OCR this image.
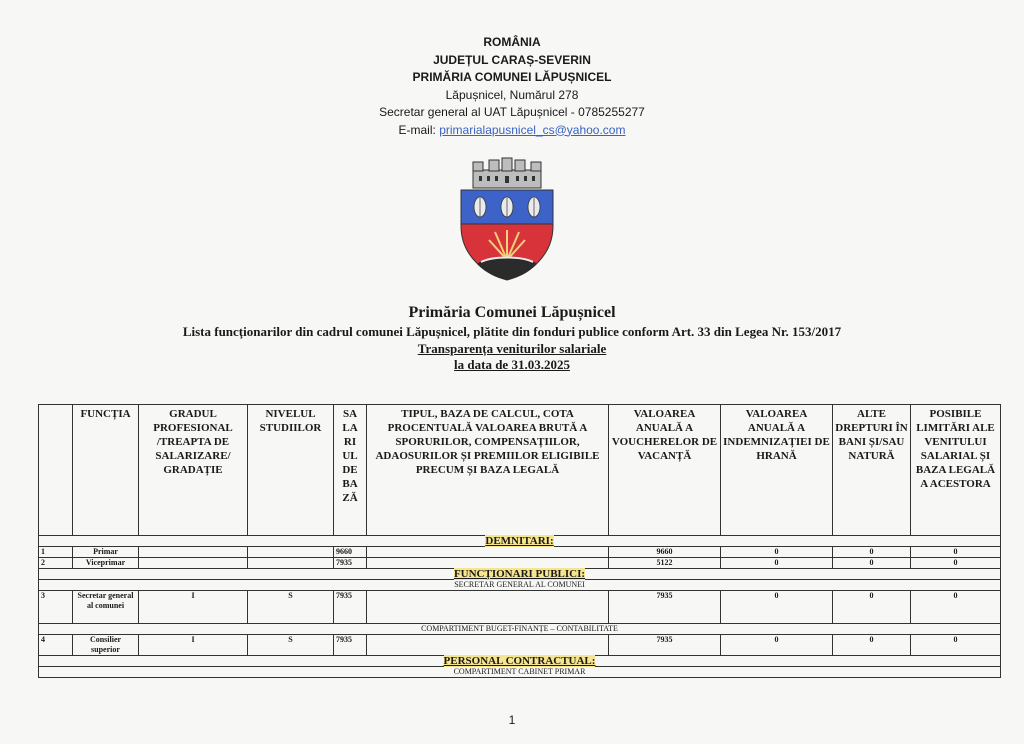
ROMÂNIA
JUDEȚUL CARAȘ-SEVERIN
PRIMĂRIA COMUNEI LĂPUȘNICEL
Lăpușnicel, Numărul 278
Secretar general al UAT Lăpușnicel - 0785255277
E-mail: primarialapusnicel_cs@yahoo.com
Primăria Comunei Lăpușnicel
Lista funcționarilor din cadrul comunei Lăpușnicel, plătite din fonduri publice conform Art. 33 din Legea Nr. 153/2017
Transparența veniturilor salariale
la data de 31.03.2025
	FUNCȚIA	GRADUL PROFESIONAL /TREAPTA DE SALARIZARE/ GRADAȚIE	NIVELUL STUDIILOR	SA LA RI UL DE BA ZĂ	TIPUL, BAZA DE CALCUL, COTA PROCENTUALĂ VALOAREA BRUTĂ A SPORURILOR, COMPENSAȚIILOR, ADAOSURILOR ȘI PREMIILOR ELIGIBILE PRECUM ȘI BAZA LEGALĂ	VALOAREA ANUALĂ A VOUCHERELOR DE VACANȚĂ	VALOAREA ANUALĂ A INDEMNIZAȚIEI DE HRANĂ	ALTE DREPTURI ÎN BANI ȘI/SAU NATURĂ	POSIBILE LIMITĂRI ALE VENITULUI SALARIAL ȘI BAZA LEGALĂ A ACESTORA
DEMNITARI:									
1	Primar			9660		9660	0	0	0
2	Viceprimar			7935		5122	0	0	0
FUNCȚIONARI PUBLICI:									
SECRETAR GENERAL AL COMUNEI									
3	Secretar general al comunei	I	S	7935		7935	0	0	0
COMPARTIMENT BUGET-FINANȚE – CONTABILITATE									
4	Consilier superior	I	S	7935		7935	0	0	0
PERSONAL CONTRACTUAL:									
COMPARTIMENT CABINET PRIMAR									
1
